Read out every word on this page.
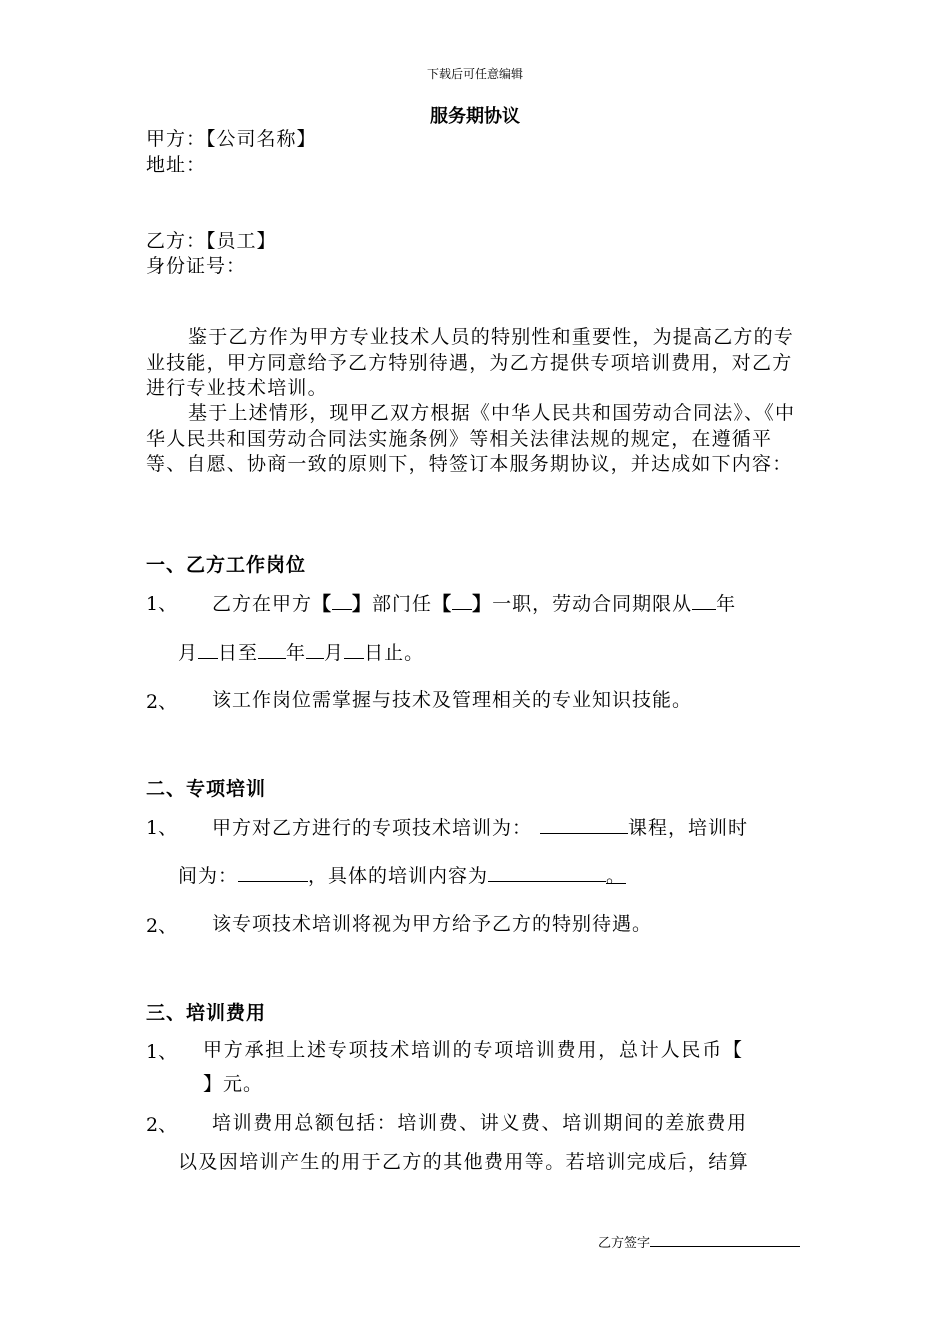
下载后可任意编辑
服务期协议
甲方：【公司名称】
地址：
乙方：【员工】
身份证号：
鉴于乙方作为甲方专业技术人员的特别性和重要性，为提高乙方的专业技能，甲方同意给予乙方特别待遇，为乙方提供专项培训费用，对乙方进行专业技术培训。
基于上述情形，现甲乙双方根据《中华人民共和国劳动合同法》、《中华人民共和国劳动合同法实施条例》等相关法律法规的规定，在遵循平等、自愿、协商一致的原则下，特签订本服务期协议，并达成如下内容：
一、乙方工作岗位
1、 乙方在甲方【 】部门任【 】一职，劳动合同期限从 年
月 日至 年 月 日止。
2、 该工作岗位需掌握与技术及管理相关的专业知识技能。
二、专项培训
1、 甲方对乙方进行的专项技术培训为：	课程，培训时
间为：	，具体的培训内容为	。
2、 该专项技术培训将视为甲方给予乙方的特别待遇。
三、培训费用
1、 甲方承担上述专项技术培训的专项培训费用，总计人民币【
】元。
2、 培训费用总额包括：培训费、讲义费、培训期间的差旅费用
以及因培训产生的用于乙方的其他费用等。若培训完成后，结算
乙方签字
